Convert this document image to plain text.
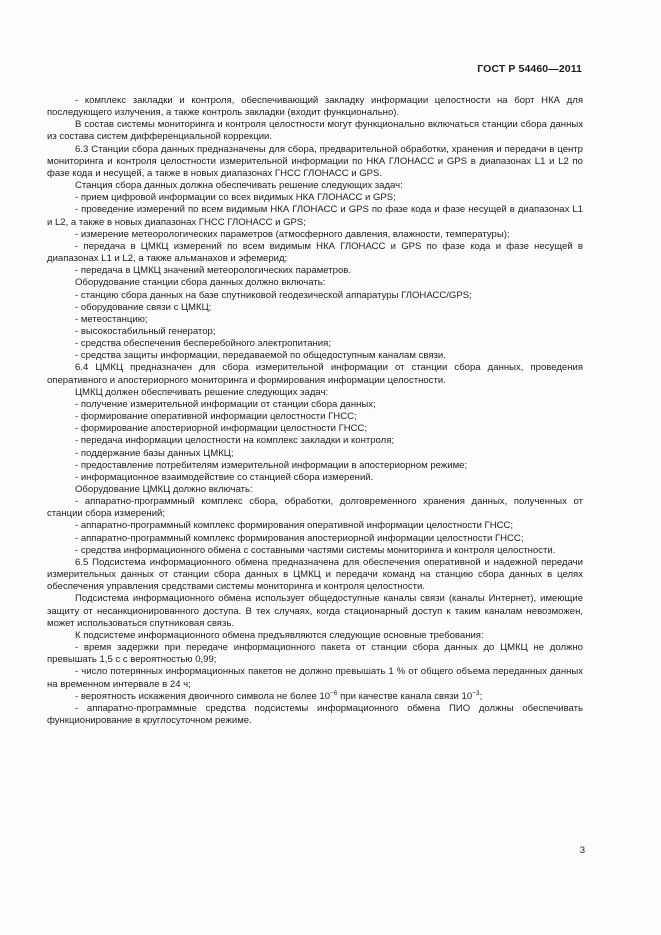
ГОСТ Р 54460—2011

- комплекс закладки и контроля, обеспечивающий закладку информации целостности на борт НКА для последующего излучения, а также контроль закладки (входит функционально).

В состав системы мониторинга и контроля целостности могут функционально включаться станции сбора данных из состава систем дифференциальной коррекции.

6.3 Станции сбора данных предназначены для сбора, предварительной обработки, хранения и передачи в центр мониторинга и контроля целостности измерительной информации по НКА ГЛОНАСС и GPS в диапазонах L1 и L2 по фазе кода и несущей, а также в новых диапазонах ГНСС ГЛОНАСС и GPS.

Станция сбора данных должна обеспечивать решение следующих задач:

- прием цифровой информации со всех видимых НКА ГЛОНАСС и GPS;

- проведение измерений по всем видимым НКА ГЛОНАСС и GPS по фазе кода и фазе несущей в диапазонах L1 и L2, а также в новых диапазонах ГНСС ГЛОНАСС и GPS;

- измерение метеорологических параметров (атмосферного давления, влажности, температуры);

- передача в ЦМКЦ измерений по всем видимым НКА ГЛОНАСС и GPS по фазе кода и фазе несущей в диапазонах L1 и L2, а также альманахов и эфемерид;

- передача в ЦМКЦ значений метеорологических параметров.

Оборудование станции сбора данных должно включать:

- станцию сбора данных на базе спутниковой геодезической аппаратуры ГЛОНАСС/GPS;

- оборудование связи с ЦМКЦ;

- метеостанцию;

- высокостабильный генератор;

- средства обеспечения бесперебойного электропитания;

- средства защиты информации, передаваемой по общедоступным каналам связи.

6.4 ЦМКЦ предназначен для сбора измерительной информации от станции сбора данных, проведения оперативного и апостериорного мониторинга и формирования информации целостности.

ЦМКЦ должен обеспечивать решение следующих задач:

- получение измерительной информации от станции сбора данных;

- формирование оперативной информации целостности ГНСС;

- формирование апостериорной информации целостности ГНСС;

- передача информации целостности на комплекс закладки и контроля;

- поддержание базы данных ЦМКЦ;

- предоставление потребителям измерительной информации в апостериорном режиме;

- информационное взаимодействие со станцией сбора измерений.

Оборудование ЦМКЦ должно включать:

- аппаратно-программный комплекс сбора, обработки, долговременного хранения данных, полученных от станции сбора измерений;

- аппаратно-программный комплекс формирования оперативной информации целостности ГНСС;

- аппаратно-программный комплекс формирования апостериорной информации целостности ГНСС;

- средства информационного обмена с составными частями системы мониторинга и контроля целостности.

6.5 Подсистема информационного обмена предназначена для обеспечения оперативной и надежной передачи измерительных данных от станции сбора данных в ЦМКЦ и передачи команд на станцию сбора данных в целях обеспечения управления средствами системы мониторинга и контроля целостности.

Подсистема информационного обмена использует общедоступные каналы связи (каналы Интернет), имеющие защиту от несанкционированного доступа. В тех случаях, когда стационарный доступ к таким каналам невозможен, может использоваться спутниковая связь.

К подсистеме информационного обмена предъявляются следующие основные требования:

- время задержки при передаче информационного пакета от станции сбора данных до ЦМКЦ не должно превышать 1,5 с с вероятностью 0,99;

- число потерянных информационных пакетов не должно превышать 1 % от общего объема переданных данных на временном интервале в 24 ч;

- вероятность искажения двоичного символа не более $10^{-6}$ при качестве канала связи $10^{-3}$;

- аппаратно-программные средства подсистемы информационного обмена ПИО должны обеспечивать функционирование в круглосуточном режиме.

3
